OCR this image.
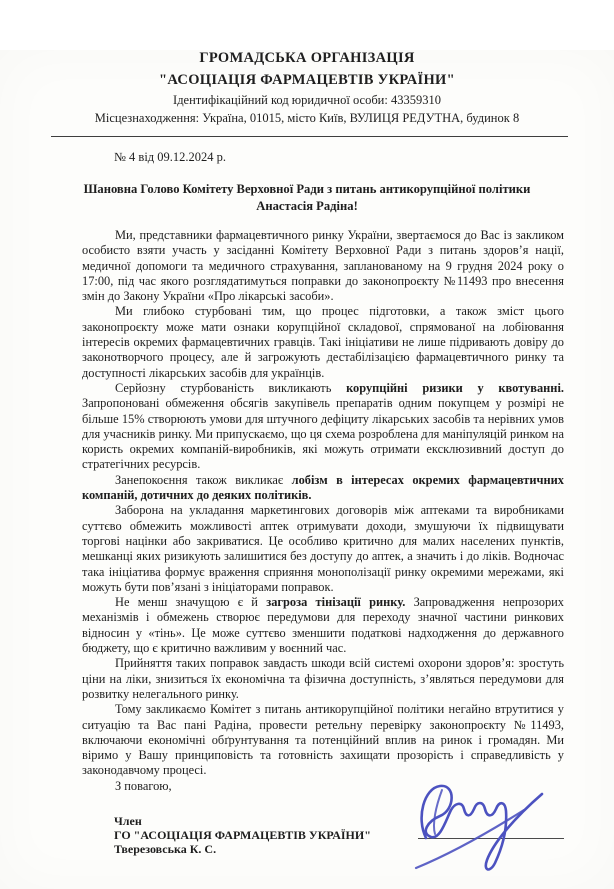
ГРОМАДСЬКА ОРГАНІЗАЦІЯ
"АСОЦІАЦІЯ ФАРМАЦЕВТІВ УКРАЇНИ"
Ідентифікаційний код юридичної особи: 43359310
Місцезнаходження: Україна, 01015, місто Київ, ВУЛИЦЯ РЕДУТНА, будинок 8
№ 4 від 09.12.2024 р.
Шановна Голово Комітету Верховної Ради з питань антикорупційної політики Анастасія Радіна!

Ми, представники фармацевтичного ринку України, звертаємося до Вас із закликом особисто взяти участь у засіданні Комітету Верховної Ради з питань здоров’я нації, медичної допомоги та медичного страхування, запланованому на 9 грудня 2024 року о 17:00, під час якого розглядатимуться поправки до законопроєкту №11493 про внесення змін до Закону України «Про лікарські засоби».

Ми глибоко стурбовані тим, що процес підготовки, а також зміст цього законопроєкту може мати ознаки корупційної складової, спрямованої на лобіювання інтересів окремих фармацевтичних гравців. Такі ініціативи не лише підривають довіру до законотворчого процесу, але й загрожують дестабілізацією фармацевтичного ринку та доступності лікарських засобів для українців.

Серйозну стурбованість викликають корупційні ризики у квотуванні. Запропоновані обмеження обсягів закупівель препаратів одним покупцем у розмірі не більше 15% створюють умови для штучного дефіциту лікарських засобів та нерівних умов для учасників ринку. Ми припускаємо, що ця схема розроблена для маніпуляцій ринком на користь окремих компаній-виробників, які можуть отримати ексклюзивний доступ до стратегічних ресурсів.

Занепокоєння також викликає лобізм в інтересах окремих фармацевтичних компаній, дотичних до деяких політиків.

Заборона на укладання маркетингових договорів між аптеками та виробниками суттєво обмежить можливості аптек отримувати доходи, змушуючи їх підвищувати торгові націнки або закриватися. Це особливо критично для малих населених пунктів, мешканці яких ризикують залишитися без доступу до аптек, а значить і до ліків. Водночас така ініціатива формує враження сприяння монополізації ринку окремими мережами, які можуть бути пов’язані з ініціаторами поправок.

Не менш значущою є й загроза тінізації ринку. Запровадження непрозорих механізмів і обмежень створює передумови для переходу значної частини ринкових відносин у «тінь». Це може суттєво зменшити податкові надходження до державного бюджету, що є критично важливим у воєнний час.

Прийняття таких поправок завдасть шкоди всій системі охорони здоров’я: зростуть ціни на ліки, знизиться їх економічна та фізична доступність, з’являться передумови для розвитку нелегального ринку.

Тому закликаємо Комітет з питань антикорупційної політики негайно втрутитися у ситуацію та Вас пані Радіна, провести ретельну перевірку законопроєкту №11493, включаючи економічні обґрунтування та потенційний вплив на ринок і громадян. Ми віримо у Вашу принциповість та готовність захищати прозорість і справедливість у законодавчому процесі.

З повагою,

Член
ГО "АСОЦІАЦІЯ ФАРМАЦЕВТІВ УКРАЇНИ"
Тверезовська К. С.
